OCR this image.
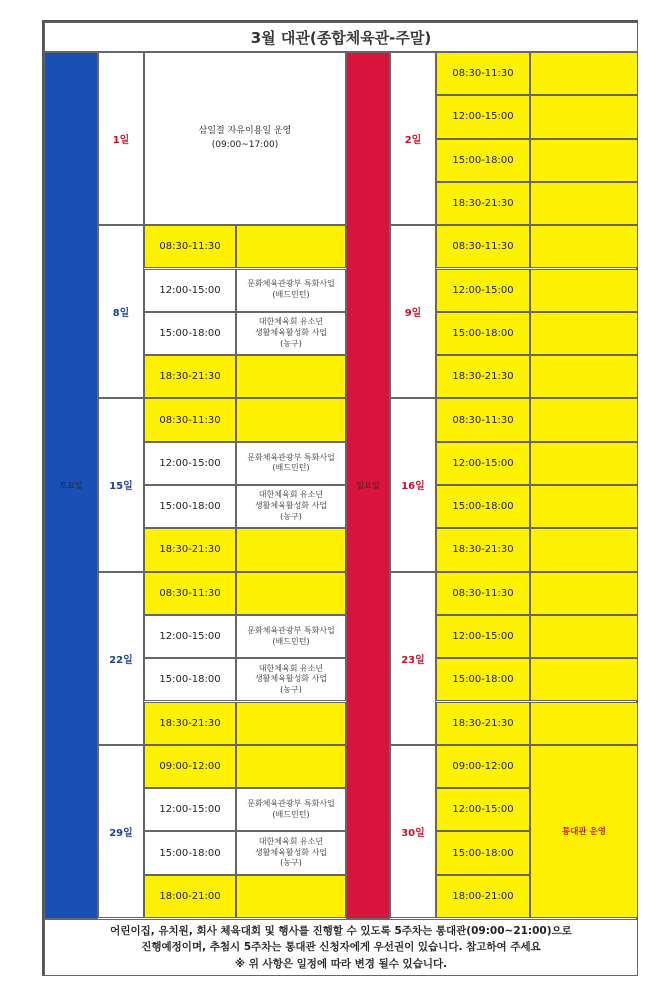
3월 대관(종합체육관-주말)
토요일	일요일
1일
삼일절 자유이용일 운영
(09:00~17:00)
8일
08:30-11:30
12:00-15:00
문화체육관광부 특화사업
(배드민턴)
15:00-18:00
대한체육회 유소년
생활체육활성화 사업
(농구)
18:30-21:30
15일
08:30-11:30
12:00-15:00
문화체육관광부 특화사업
(배드민턴)
15:00-18:00
대한체육회 유소년
생활체육활성화 사업
(농구)
18:30-21:30
22일
08:30-11:30
12:00-15:00
문화체육관광부 특화사업
(배드민턴)
15:00-18:00
대한체육회 유소년
생활체육활성화 사업
(농구)
18:30-21:30
29일
09:00-12:00
12:00-15:00
문화체육관광부 특화사업
(배드민턴)
15:00-18:00
대한체육회 유소년
생활체육활성화 사업
(농구)
18:00-21:00
2일
08:30-11:30
12:00-15:00
15:00-18:00
18:30-21:30
9일
08:30-11:30
12:00-15:00
15:00-18:00
18:30-21:30
16일
08:30-11:30
12:00-15:00
15:00-18:00
18:30-21:30
23일
08:30-11:30
12:00-15:00
15:00-18:00
18:30-21:30
30일
09:00-12:00
12:00-15:00
15:00-18:00
18:00-21:00
통대관 운영
어린이집, 유치원, 회사 체육대회 및 행사를 진행할 수 있도록 5주차는 통대관(09:00~21:00)으로
진행예정이며, 추첨시 5주차는 통대관 신청자에게 우선권이 있습니다. 참고하여 주세요
※ 위 사항은 일정에 따라 변경 될수 있습니다.
